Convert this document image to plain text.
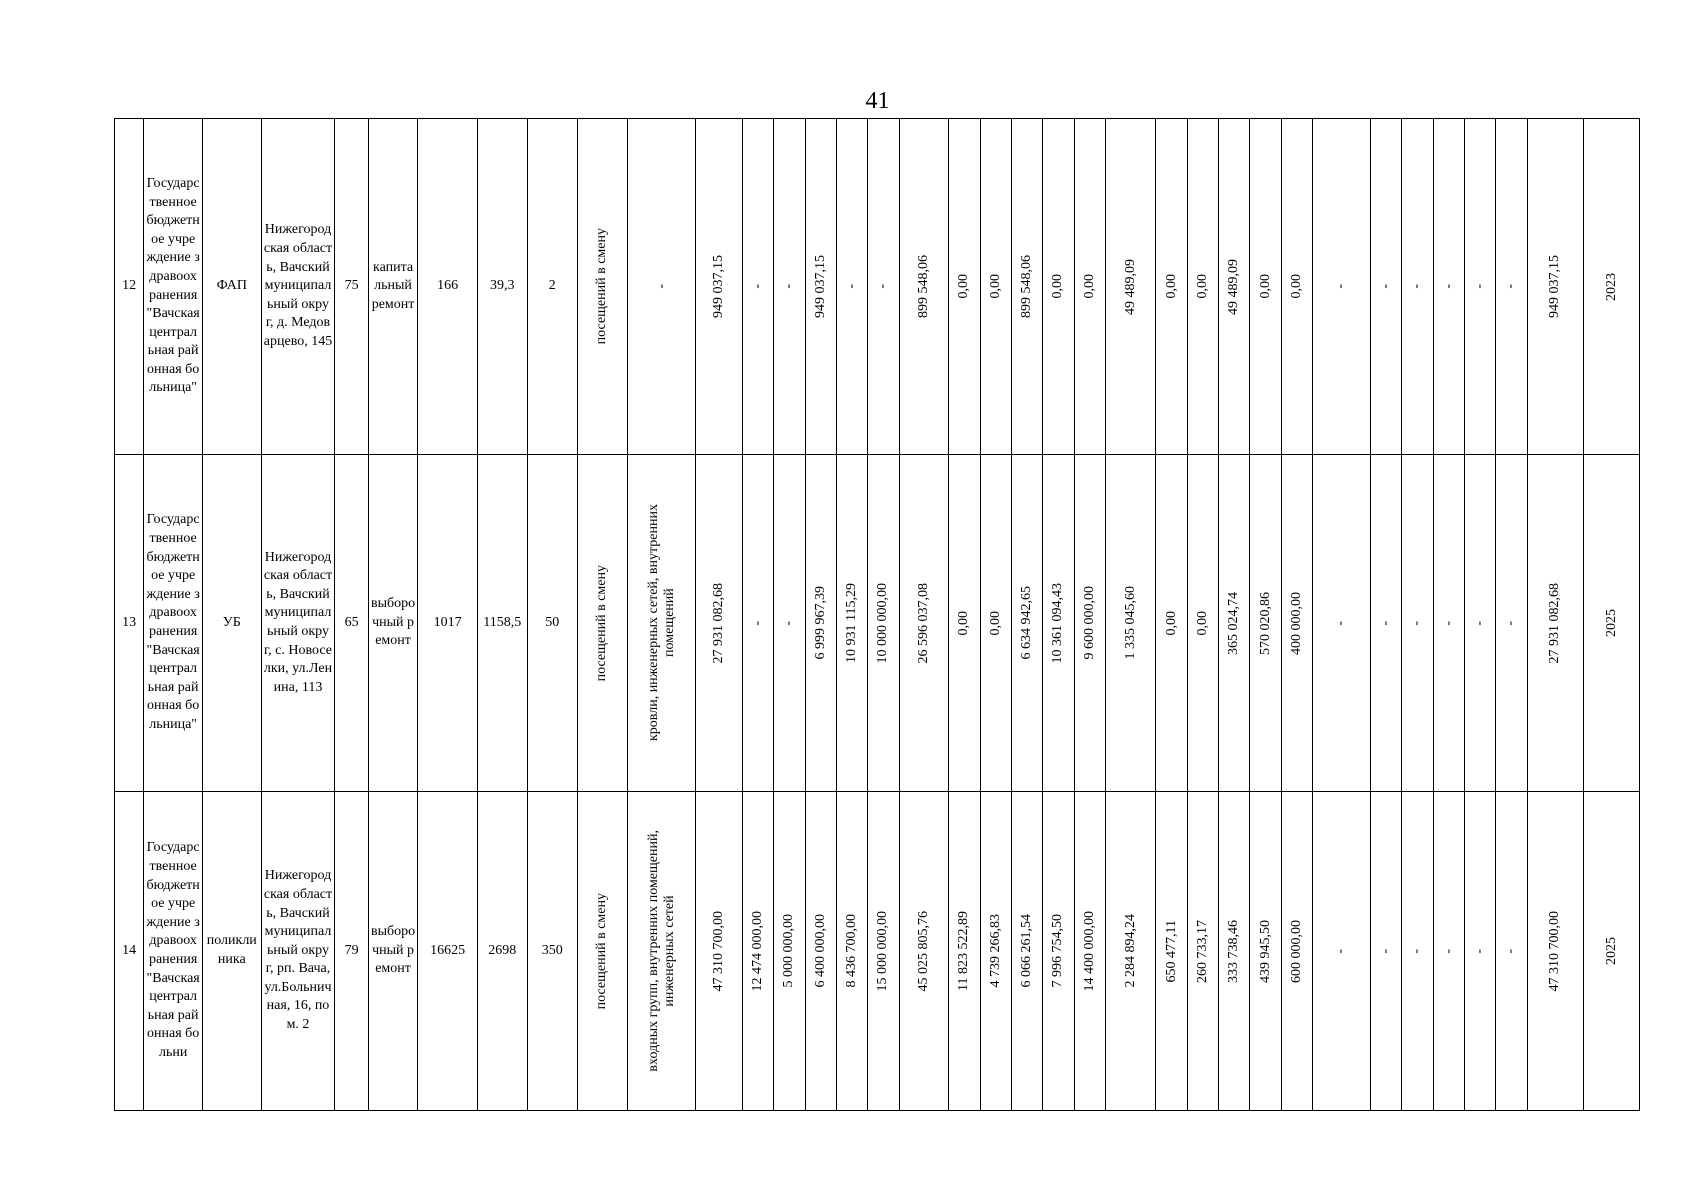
41
12	Государственное бюджетное учреждение здравоохранения "Вачская центральная районная больница"	ФАП	Нижегородская область, Вачский муниципальный округ, д. Медоварцево, 145	75	капитальный ремонт	166	39,3	2	посещений в смену	-	949 037,15	-	-	949 037,15	-	-	899 548,06	0,00	0,00	899 548,06	0,00	0,00	49 489,09	0,00	0,00	49 489,09	0,00	0,00	-	-	-	-	-	-	949 037,15	2023

13	Государственное бюджетное учреждение здравоохранения "Вачская центральная районная больница"	УБ	Нижегородская область, Вачский муниципальный округ, с. Новоселки, ул.Ленина, 113	65	выборочный ремонт	1017	1158,5	50	посещений в смену	кровли, инженерных сетей, внутренних помещений	27 931 082,68	-	-	6 999 967,39	10 931 115,29	10 000 000,00	26 596 037,08	0,00	0,00	6 634 942,65	10 361 094,43	9 600 000,00	1 335 045,60	0,00	0,00	365 024,74	570 020,86	400 000,00	-	-	-	-	-	-	27 931 082,68	2025

14	Государственное бюджетное учреждение здравоохранения "Вачская центральная районная больни	поликлиника	Нижегородская область, Вачский муниципальный округ, рп. Вача, ул.Больничная, 16, пом. 2	79	выборочный ремонт	16625	2698	350	посещений в смену	входных групп, внутренних помещений, инженерных сетей	47 310 700,00	12 474 000,00	5 000 000,00	6 400 000,00	8 436 700,00	15 000 000,00	45 025 805,76	11 823 522,89	4 739 266,83	6 066 261,54	7 996 754,50	14 400 000,00	2 284 894,24	650 477,11	260 733,17	333 738,46	439 945,50	600 000,00	-	-	-	-	-	-	47 310 700,00	2025
